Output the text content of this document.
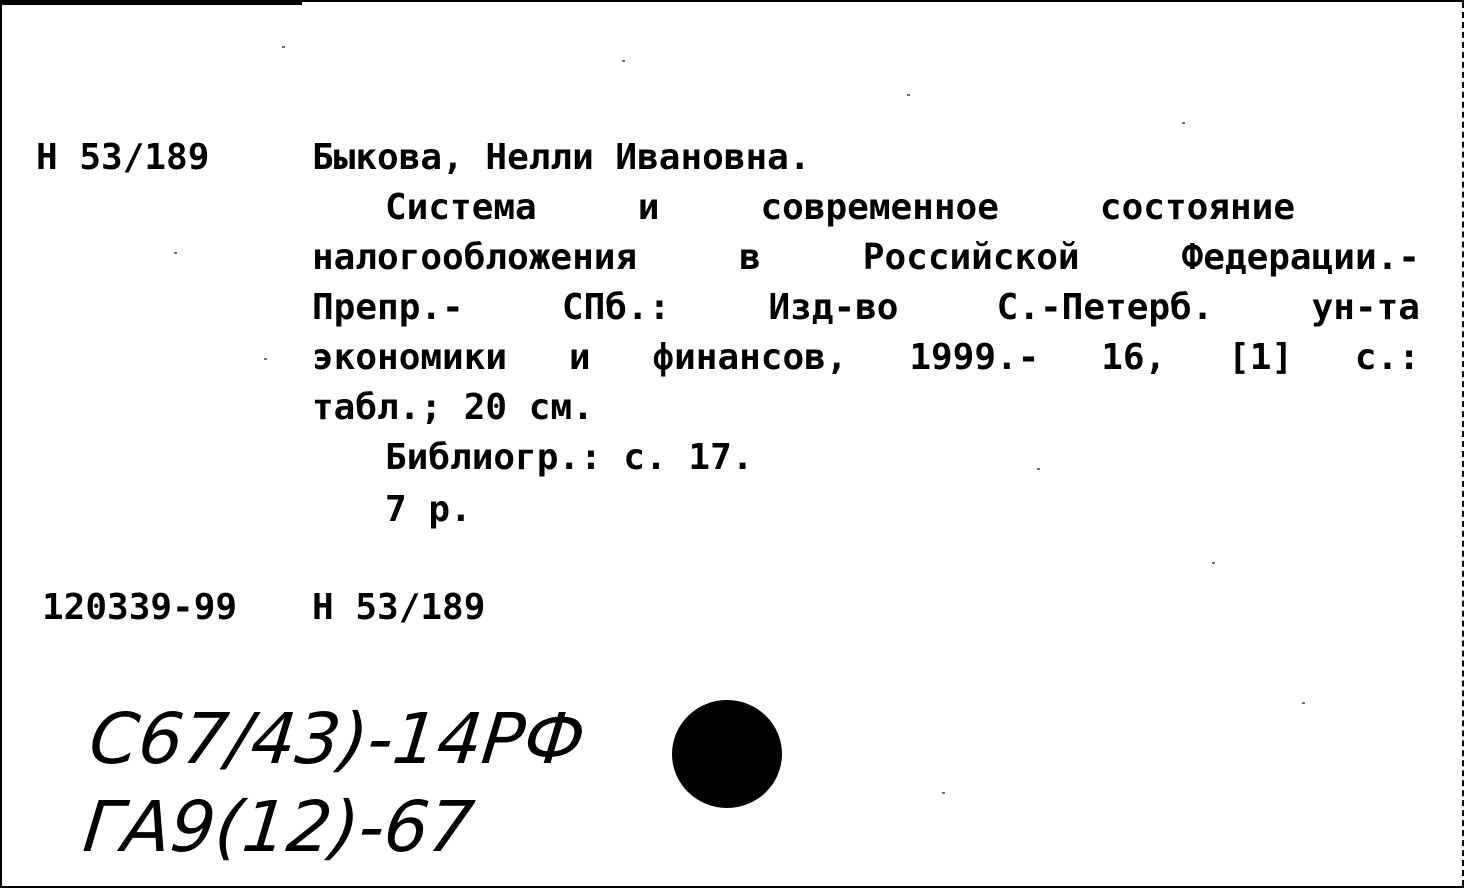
Н 53/189	Быкова, Нелли Ивановна.
Система	и	современное	состояние
налогообложения	в	Российской	Федерации.-
Препр.-	СПб.:	Изд-во	С.-Петерб.	ун-та
экономики и финансов, 1999.- 16, [1] с.:
табл.; 20 см.
Библиогр.: с. 17.
7 р.
120339-99 Н 53/189
С67/43)-14РФ
ГА9(12)-67
